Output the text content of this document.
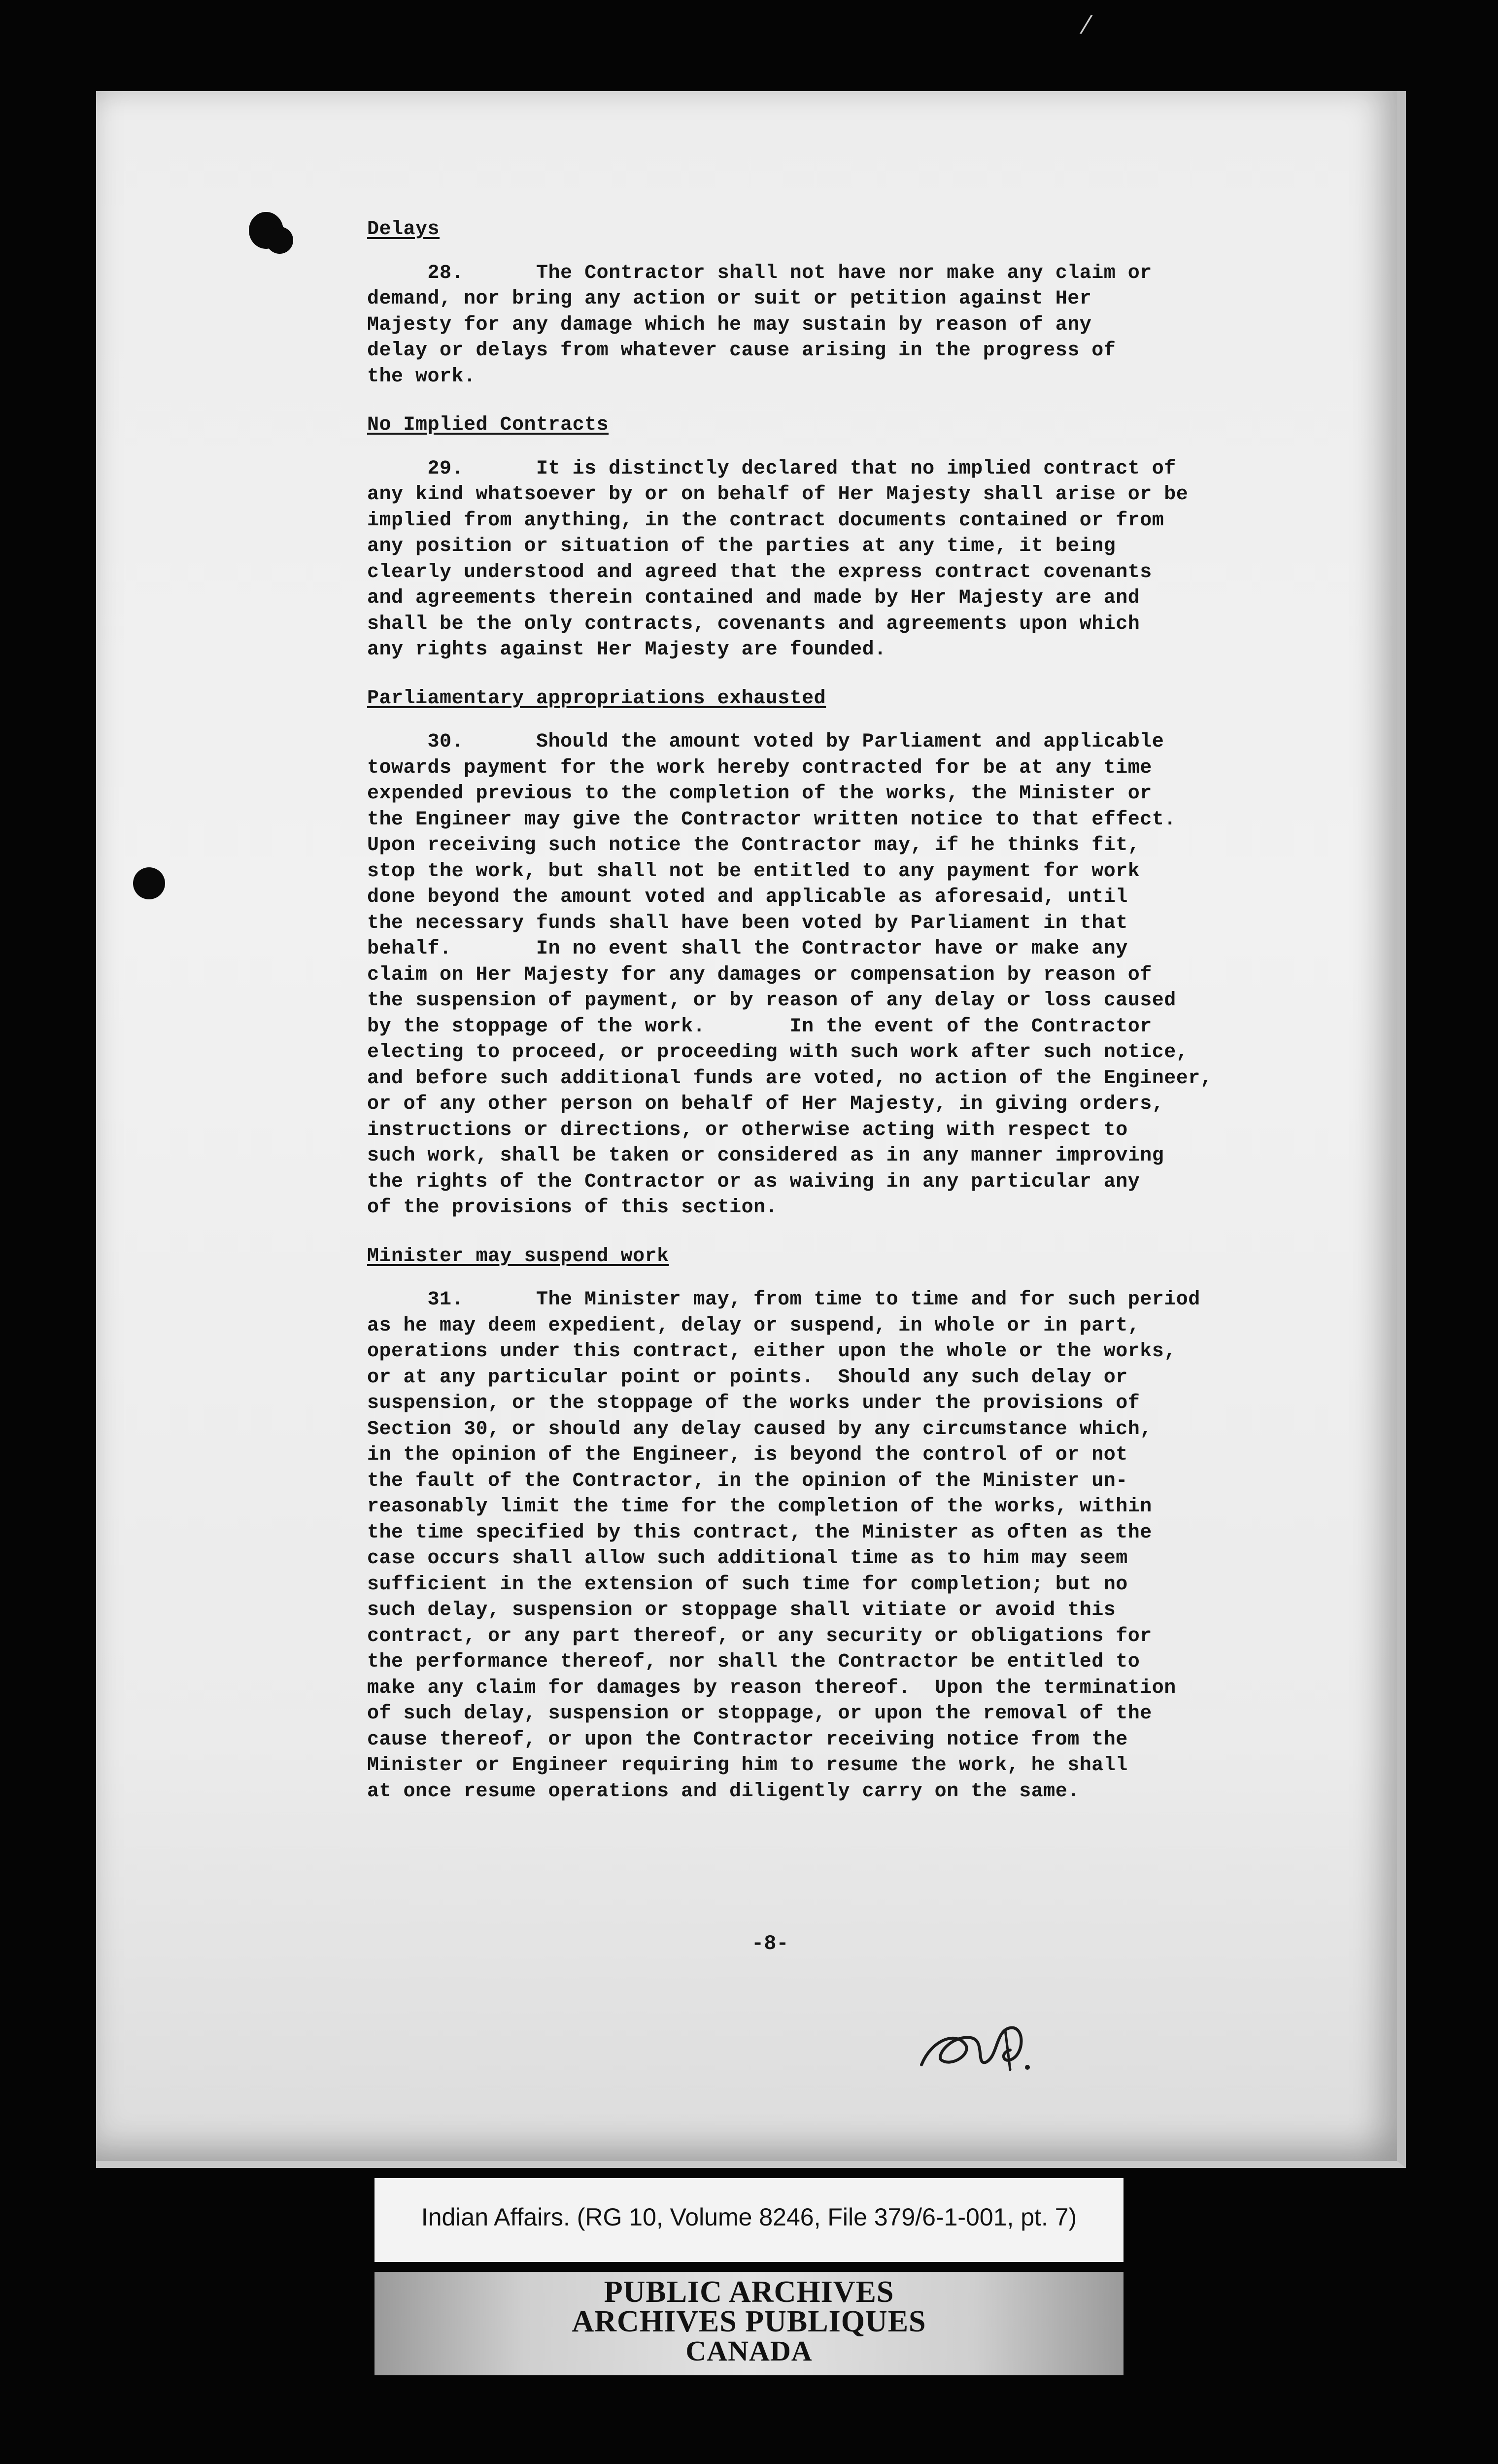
⁄

Delays

28.      The Contractor shall not have nor make any claim or

demand, nor bring any action or suit or petition against Her

Majesty for any damage which he may sustain by reason of any

delay or delays from whatever cause arising in the progress of

the work.

No Implied Contracts

29.      It is distinctly declared that no implied contract of

any kind whatsoever by or on behalf of Her Majesty shall arise or be

implied from anything, in the contract documents contained or from

any position or situation of the parties at any time, it being

clearly understood and agreed that the express contract covenants

and agreements therein contained and made by Her Majesty are and

shall be the only contracts, covenants and agreements upon which

any rights against Her Majesty are founded.

Parliamentary appropriations exhausted

30.      Should the amount voted by Parliament and applicable

towards payment for the work hereby contracted for be at any time

expended previous to the completion of the works, the Minister or

the Engineer may give the Contractor written notice to that effect.

Upon receiving such notice the Contractor may, if he thinks fit,

stop the work, but shall not be entitled to any payment for work

done beyond the amount voted and applicable as aforesaid, until

the necessary funds shall have been voted by Parliament in that

behalf.       In no event shall the Contractor have or make any

claim on Her Majesty for any damages or compensation by reason of

the suspension of payment, or by reason of any delay or loss caused

by the stoppage of the work.       In the event of the Contractor

electing to proceed, or proceeding with such work after such notice,

and before such additional funds are voted, no action of the Engineer,

or of any other person on behalf of Her Majesty, in giving orders,

instructions or directions, or otherwise acting with respect to

such work, shall be taken or considered as in any manner improving

the rights of the Contractor or as waiving in any particular any

of the provisions of this section.

Minister may suspend work

31.      The Minister may, from time to time and for such period

as he may deem expedient, delay or suspend, in whole or in part,

operations under this contract, either upon the whole or the works,

or at any particular point or points.  Should any such delay or

suspension, or the stoppage of the works under the provisions of

Section 30, or should any delay caused by any circumstance which,

in the opinion of the Engineer, is beyond the control of or not

the fault of the Contractor, in the opinion of the Minister un-

reasonably limit the time for the completion of the works, within

the time specified by this contract, the Minister as often as the

case occurs shall allow such additional time as to him may seem

sufficient in the extension of such time for completion; but no

such delay, suspension or stoppage shall vitiate or avoid this

contract, or any part thereof, or any security or obligations for

the performance thereof, nor shall the Contractor be entitled to

make any claim for damages by reason thereof.  Upon the termination

of such delay, suspension or stoppage, or upon the removal of the

cause thereof, or upon the Contractor receiving notice from the

Minister or Engineer requiring him to resume the work, he shall

at once resume operations and diligently carry on the same.

-8-
Indian Affairs. (RG 10, Volume 8246, File 379/6-1-001, pt. 7)
PUBLIC ARCHIVES
ARCHIVES PUBLIQUES
CANADA
